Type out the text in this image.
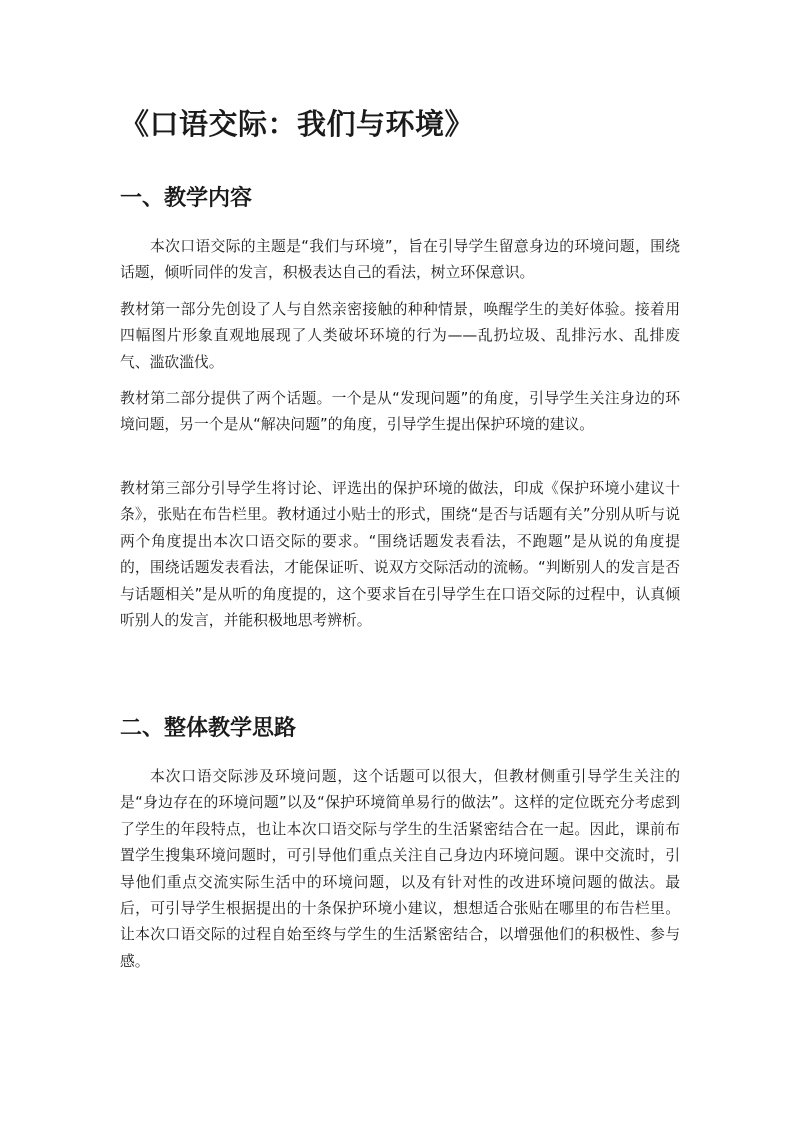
《口语交际：我们与环境》
一、教学内容

本次口语交际的主题是“我们与环境”，旨在引导学生留意身边的环境问题，围绕话题，倾听同伴的发言，积极表达自己的看法，树立环保意识。

教材第一部分先创设了人与自然亲密接触的种种情景，唤醒学生的美好体验。接着用四幅图片形象直观地展现了人类破坏环境的行为——乱扔垃圾、乱排污水、乱排废气、滥砍滥伐。

教材第二部分提供了两个话题。一个是从“发现问题”的角度，引导学生关注身边的环境问题，另一个是从“解决问题”的角度，引导学生提出保护环境的建议。

教材第三部分引导学生将讨论、评选出的保护环境的做法，印成《保护环境小建议十条》，张贴在布告栏里。教材通过小贴士的形式，围绕“是否与话题有关”分别从听与说两个角度提出本次口语交际的要求。“围绕话题发表看法，不跑题”是从说的角度提的，围绕话题发表看法，才能保证听、说双方交际活动的流畅。“判断别人的发言是否与话题相关”是从听的角度提的，这个要求旨在引导学生在口语交际的过程中，认真倾听别人的发言，并能积极地思考辨析。

二、整体教学思路

本次口语交际涉及环境问题，这个话题可以很大，但教材侧重引导学生关注的是“身边存在的环境问题”以及“保护环境简单易行的做法”。这样的定位既充分考虑到了学生的年段特点，也让本次口语交际与学生的生活紧密结合在一起。因此，课前布置学生搜集环境问题时，可引导他们重点关注自己身边内环境问题。课中交流时，引导他们重点交流实际生活中的环境问题，以及有针对性的改进环境问题的做法。最后，可引导学生根据提出的十条保护环境小建议，想想适合张贴在哪里的布告栏里。让本次口语交际的过程自始至终与学生的生活紧密结合，以增强他们的积极性、参与感。
